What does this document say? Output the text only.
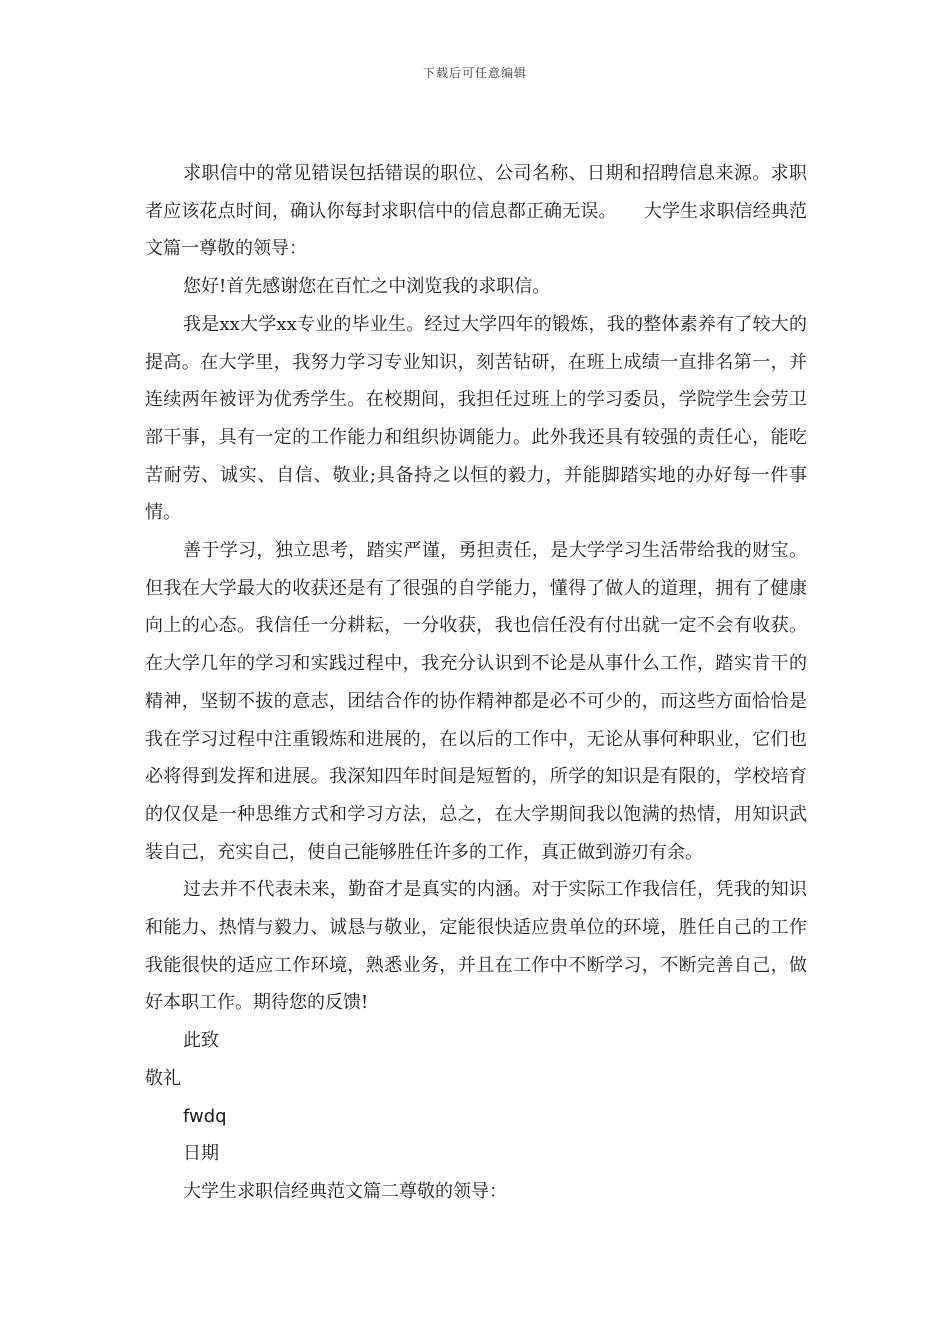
下载后可任意编辑

求职信中的常见错误包括错误的职位、公司名称、日期和招聘信息来源。求职者应该花点时间，确认你每封求职信中的信息都正确无误。　　大学生求职信经典范文篇一尊敬的领导：

您好!首先感谢您在百忙之中浏览我的求职信。

我是xx大学xx专业的毕业生。经过大学四年的锻炼，我的整体素养有了较大的提高。在大学里，我努力学习专业知识，刻苦钻研，在班上成绩一直排名第一，并连续两年被评为优秀学生。在校期间，我担任过班上的学习委员，学院学生会劳卫部干事，具有一定的工作能力和组织协调能力。此外我还具有较强的责任心，能吃苦耐劳、诚实、自信、敬业;具备持之以恒的毅力，并能脚踏实地的办好每一件事情。

善于学习，独立思考，踏实严谨，勇担责任，是大学学习生活带给我的财宝。但我在大学最大的收获还是有了很强的自学能力，懂得了做人的道理，拥有了健康向上的心态。我信任一分耕耘，一分收获，我也信任没有付出就一定不会有收获。在大学几年的学习和实践过程中，我充分认识到不论是从事什么工作，踏实肯干的精神，坚韧不拔的意志，团结合作的协作精神都是必不可少的，而这些方面恰恰是我在学习过程中注重锻炼和进展的，在以后的工作中，无论从事何种职业，它们也必将得到发挥和进展。我深知四年时间是短暂的，所学的知识是有限的，学校培育的仅仅是一种思维方式和学习方法，总之，在大学期间我以饱满的热情，用知识武装自己，充实自己，使自己能够胜任许多的工作，真正做到游刃有余。

过去并不代表未来，勤奋才是真实的内涵。对于实际工作我信任，凭我的知识和能力、热情与毅力、诚恳与敬业，定能很快适应贵单位的环境，胜任自己的工作我能很快的适应工作环境，熟悉业务，并且在工作中不断学习，不断完善自己，做好本职工作。期待您的反馈!

此致

敬礼

fwdq

日期

大学生求职信经典范文篇二尊敬的领导：
